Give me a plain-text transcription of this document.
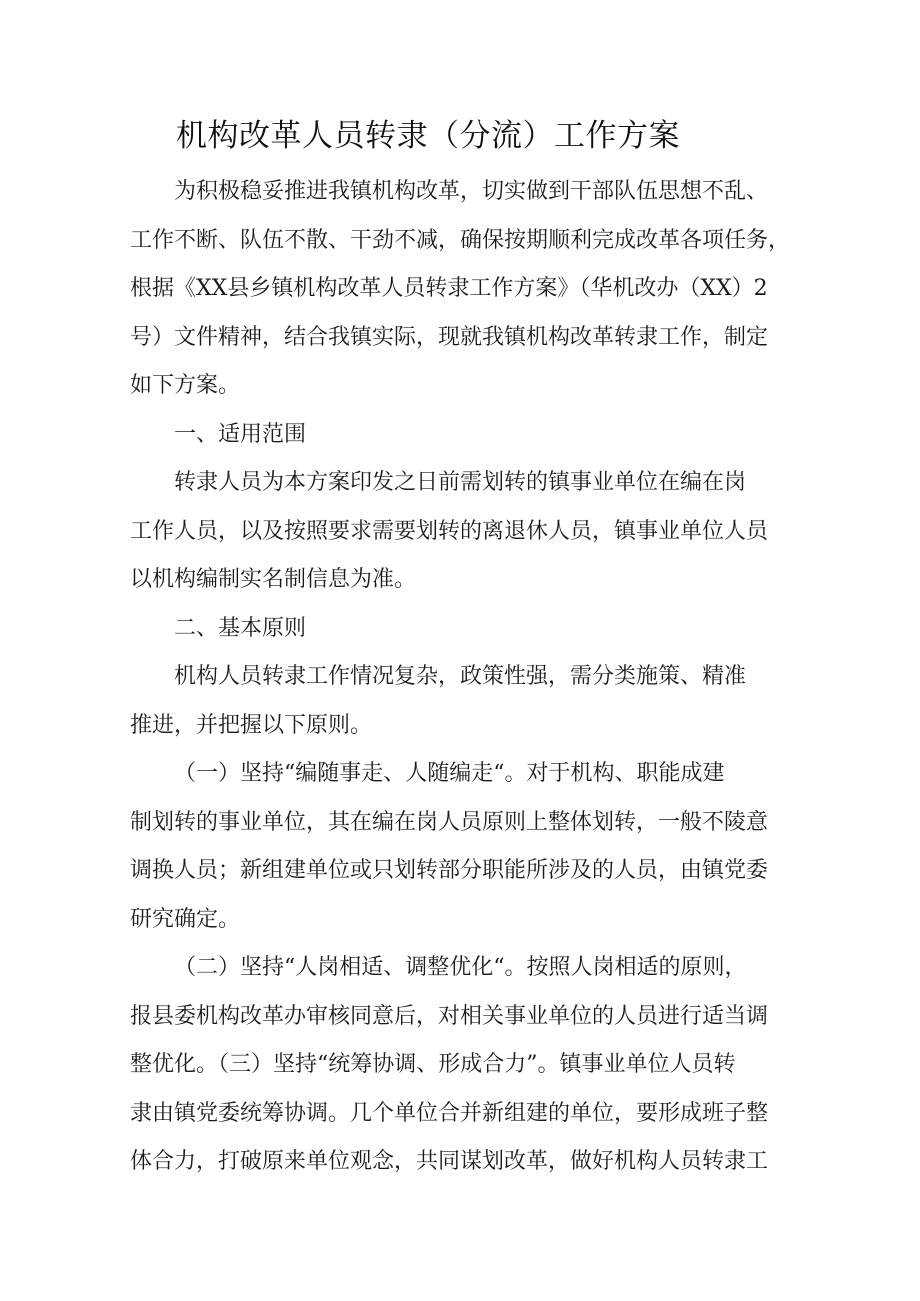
机构改革人员转隶（分流）工作方案

为积极稳妥推进我镇机构改革，切实做到干部队伍思想不乱、
工作不断、队伍不散、干劲不减，确保按期顺利完成改革各项任务，
根据《XX县乡镇机构改革人员转隶工作方案》（华机改办（XX）2
号）文件精神，结合我镇实际，现就我镇机构改革转隶工作，制定
如下方案。

一、适用范围

转隶人员为本方案印发之日前需划转的镇事业单位在编在岗
工作人员，以及按照要求需要划转的离退休人员，镇事业单位人员
以机构编制实名制信息为准。

二、基本原则

机构人员转隶工作情况复杂，政策性强，需分类施策、精准
推进，并把握以下原则。

（一）坚持“编随事走、人随编走“。对于机构、职能成建
制划转的事业单位，其在编在岗人员原则上整体划转，一般不陵意
调换人员；新组建单位或只划转部分职能所涉及的人员，由镇党委
研究确定。

（二）坚持“人岗相适、调整优化“。按照人岗相适的原则，
报县委机构改革办审核同意后，对相关事业单位的人员进行适当调
整优化。（三）坚持“统筹协调、形成合力”。镇事业单位人员转
隶由镇党委统筹协调。几个单位合并新组建的单位，要形成班子整
体合力，打破原来单位观念，共同谋划改革，做好机构人员转隶工
